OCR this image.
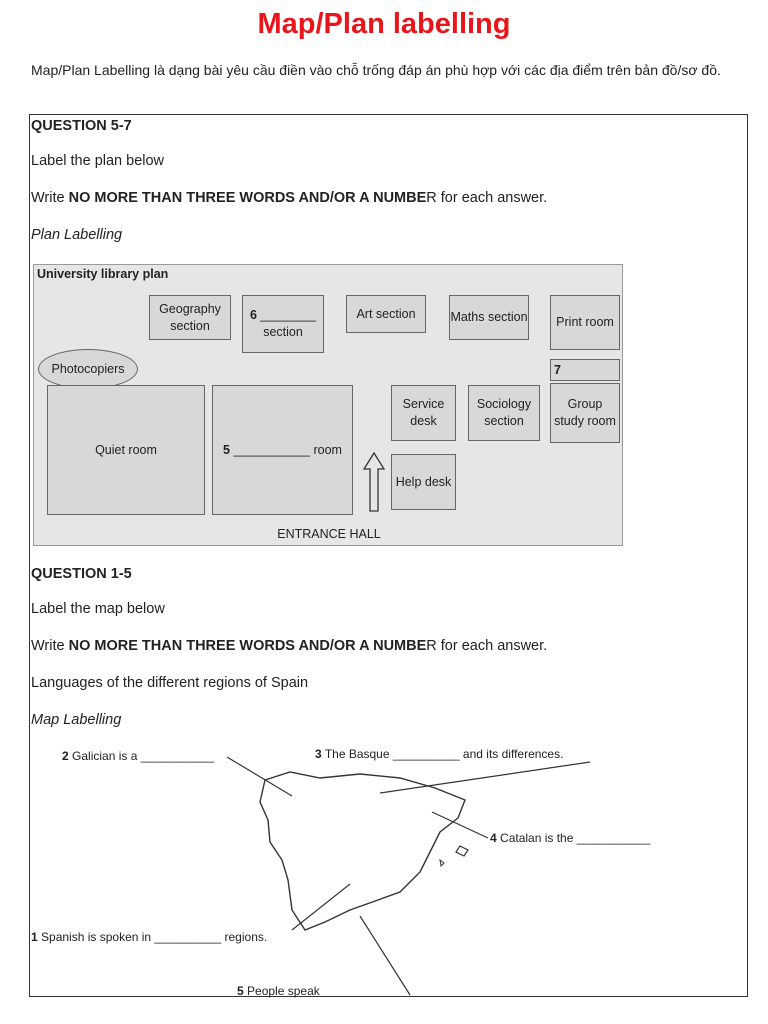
Map/Plan labelling
Map/Plan Labelling là dạng bài yêu cầu điền vào chỗ trống đáp án phù hợp với các địa điểm trên bản đồ/sơ đồ.
QUESTION 5-7
Label the plan below
Write NO MORE THAN THREE WORDS AND/OR A NUMBER for each answer.
Plan Labelling
University library plan
Geography section
6 ________
section
Art section	Maths section	Print room
Photocopiers	7
Group study room
Quiet room	5
___________
room
Service desk
Sociology section
Help desk
ENTRANCE HALL
QUESTION 1-5
Label the map below
Write NO MORE THAN THREE WORDS AND/OR A NUMBER for each answer.
Languages of the different regions of Spain
Map Labelling
2 Galician is a ___________	3 The Basque __________ and its differences.
4 Catalan is the ___________
1 Spanish is spoken in __________ regions.
5 People speak
